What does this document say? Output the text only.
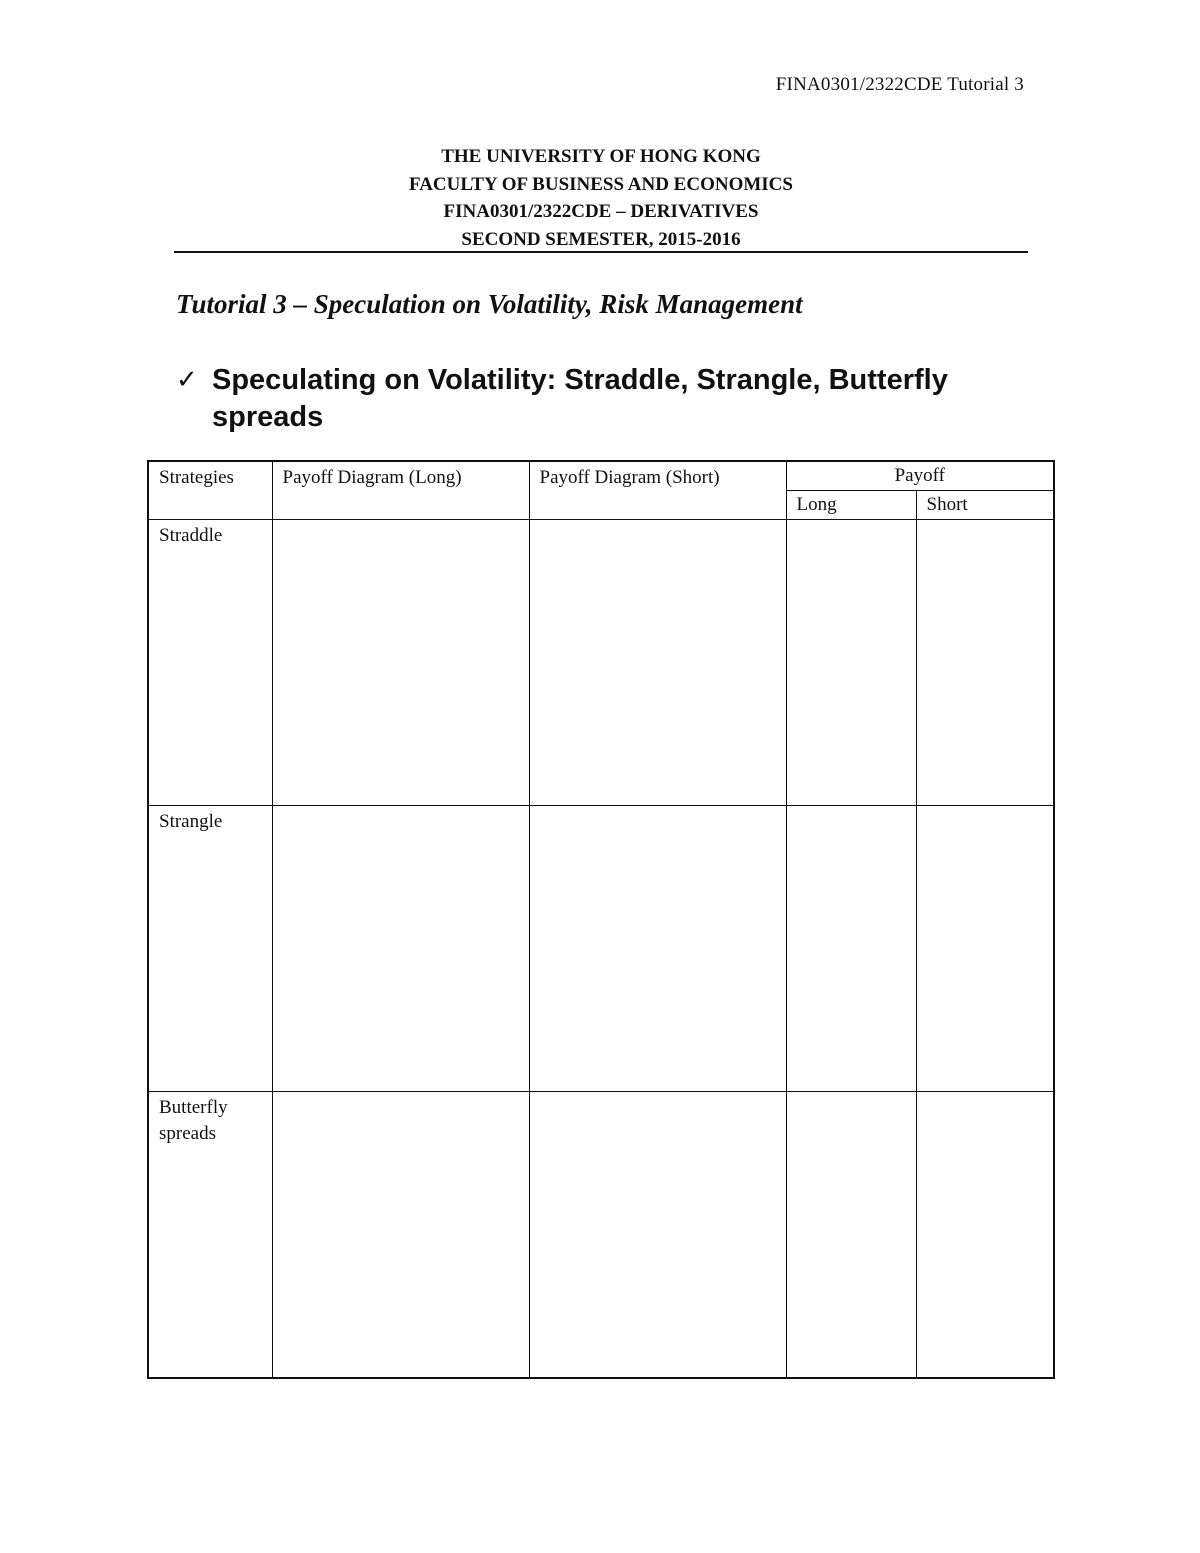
FINA0301/2322CDE Tutorial 3
THE UNIVERSITY OF HONG KONG
FACULTY OF BUSINESS AND ECONOMICS
FINA0301/2322CDE – DERIVATIVES
SECOND SEMESTER, 2015-2016
Tutorial 3 – Speculation on Volatility, Risk Management
✓ Speculating on Volatility: Straddle, Strangle, Butterfly spreads
Strategies	Payoff Diagram (Long)	Payoff Diagram (Short)	Payoff	
			Long	Short

Straddle				

Strangle				

Butterfly spreads				
